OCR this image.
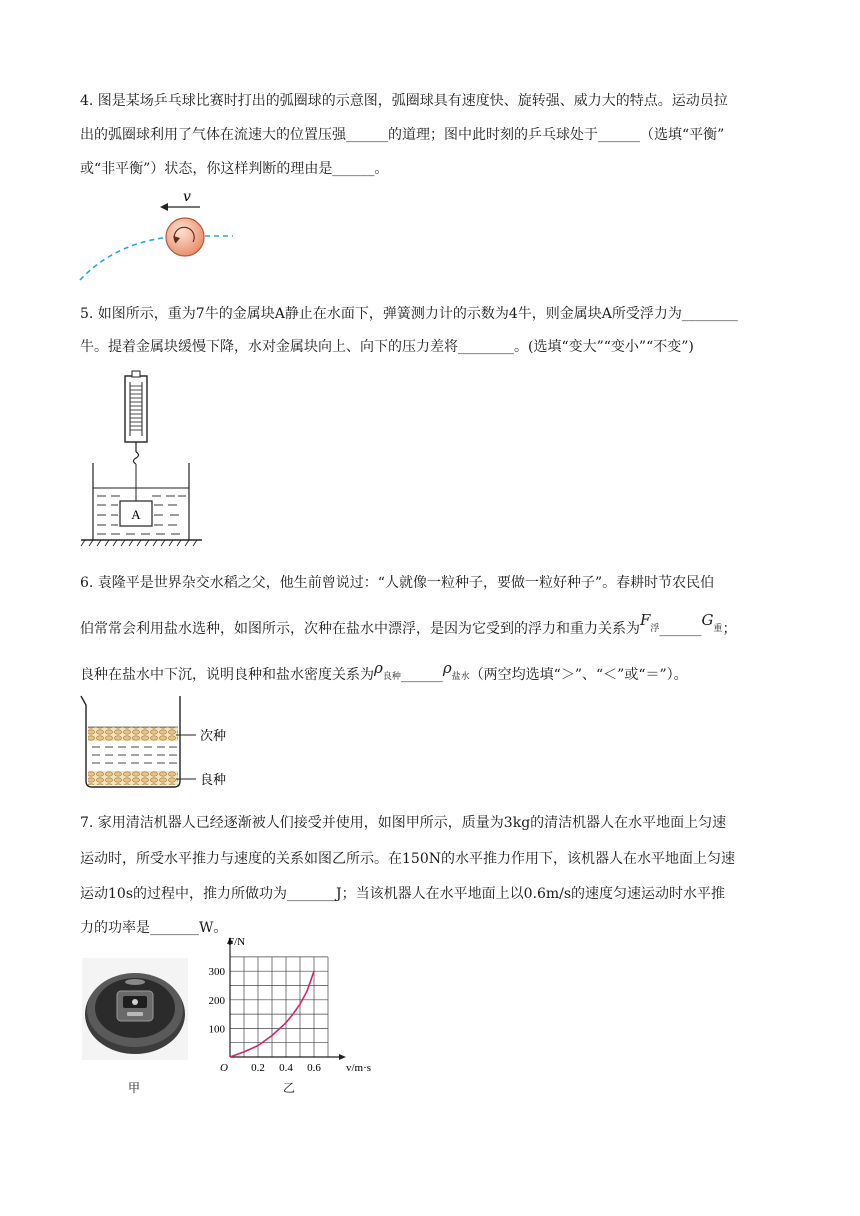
4. 图是某场乒乓球比赛时打出的弧圈球的示意图，弧圈球具有速度快、旋转强、威力大的特点。运动员拉
出的弧圈球利用了气体在流速大的位置压强______的道理；图中此时刻的乒乓球处于______（选填“平衡”
或“非平衡”）状态，你这样判断的理由是______。
v
5. 如图所示，重为7牛的金属块A静止在水面下，弹簧测力计的示数为4牛，则金属块A所受浮力为________
牛。提着金属块缓慢下降，水对金属块向上、向下的压力差将________。(选填“变大”“变小”“不变”)
A
6. 袁隆平是世界杂交水稻之父，他生前曾说过：“人就像一粒种子，要做一粒好种子”。春耕时节农民伯
伯常常会利用盐水选种，如图所示，次种在盐水中漂浮，是因为它受到的浮力和重力关系为F浮______G重；
良种在盐水中下沉，说明良种和盐水密度关系为ρ良种______ρ盐水（两空均选填“＞”、“＜”或“＝”）。
次种
良种
7. 家用清洁机器人已经逐渐被人们接受并使用，如图甲所示，质量为3kg的清洁机器人在水平地面上匀速
运动时，所受水平推力与速度的关系如图乙所示。在150N的水平推力作用下，该机器人在水平地面上匀速
运动10s的过程中，推力所做功为_______J；当该机器人在水平地面上以0.6m/s的速度匀速运动时水平推
力的功率是_______W。
甲
F/N
v/m·s
O 0.2 0.4 0.6
100
200
300
乙
